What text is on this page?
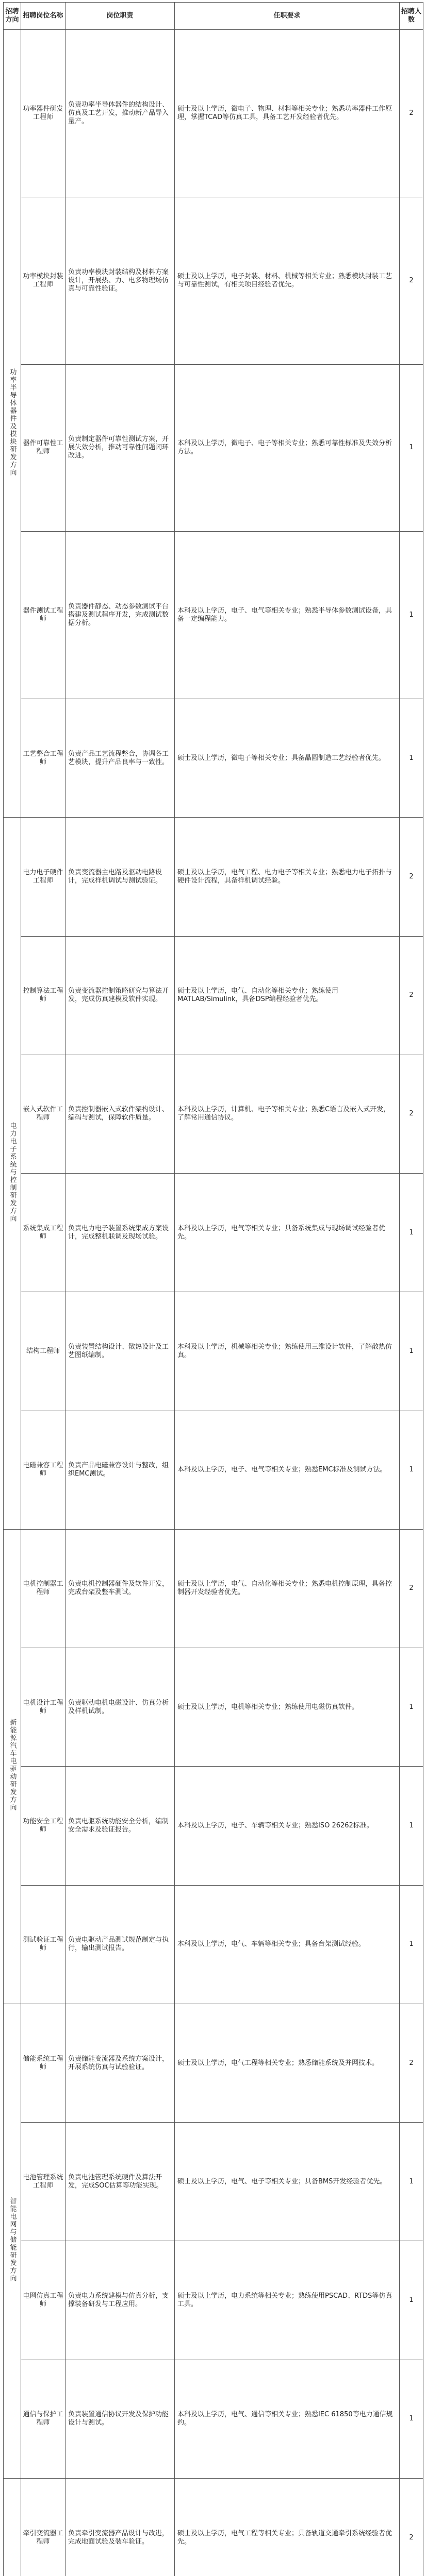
招聘方向	招聘岗位名称	岗位职责	任职要求	招聘人数
功率半导体器件及模块研发方向	功率器件研发工程师	负责功率半导体器件的结构设计、仿真及工艺开发，推动新产品导入量产。	硕士及以上学历，微电子、物理、材料等相关专业；熟悉功率器件工作原理，掌握TCAD等仿真工具，具备工艺开发经验者优先。	2
	功率模块封装工程师	负责功率模块封装结构及材料方案设计，开展热、力、电多物理场仿真与可靠性验证。	硕士及以上学历，电子封装、材料、机械等相关专业；熟悉模块封装工艺与可靠性测试，有相关项目经验者优先。	2
	器件可靠性工程师	负责制定器件可靠性测试方案，开展失效分析，推动可靠性问题闭环改进。	本科及以上学历，微电子、电子等相关专业；熟悉可靠性标准及失效分析方法。	1
	器件测试工程师	负责器件静态、动态参数测试平台搭建及测试程序开发，完成测试数据分析。	本科及以上学历，电子、电气等相关专业；熟悉半导体参数测试设备，具备一定编程能力。	1
	工艺整合工程师	负责产品工艺流程整合，协调各工艺模块，提升产品良率与一致性。	硕士及以上学历，微电子等相关专业；具备晶圆制造工艺经验者优先。	1
电力电子系统与控制研发方向	电力电子硬件工程师	负责变流器主电路及驱动电路设计，完成样机调试与测试验证。	硕士及以上学历，电气工程、电力电子等相关专业；熟悉电力电子拓扑与硬件设计流程，具备样机调试经验。	2
	控制算法工程师	负责变流器控制策略研究与算法开发，完成仿真建模及软件实现。	硕士及以上学历，电气、自动化等相关专业；熟练使用MATLAB/Simulink，具备DSP编程经验者优先。	2
	嵌入式软件工程师	负责控制器嵌入式软件架构设计、编码与测试，保障软件质量。	本科及以上学历，计算机、电子等相关专业；熟悉C语言及嵌入式开发，了解常用通信协议。	2
	系统集成工程师	负责电力电子装置系统集成方案设计，完成整机联调及现场试验。	本科及以上学历，电气等相关专业；具备系统集成与现场调试经验者优先。	1
	结构工程师	负责装置结构设计、散热设计及工艺图纸编制。	本科及以上学历，机械等相关专业；熟练使用三维设计软件，了解散热仿真。	1
	电磁兼容工程师	负责产品电磁兼容设计与整改，组织EMC测试。	本科及以上学历，电子、电气等相关专业；熟悉EMC标准及测试方法。	1
新能源汽车电驱动研发方向	电机控制器工程师	负责电机控制器硬件及软件开发，完成台架及整车测试。	硕士及以上学历，电气、自动化等相关专业；熟悉电机控制原理，具备控制器开发经验者优先。	2
	电机设计工程师	负责驱动电机电磁设计、仿真分析及样机试制。	硕士及以上学历，电机等相关专业；熟练使用电磁仿真软件。	1
	功能安全工程师	负责电驱系统功能安全分析，编制安全需求及验证报告。	本科及以上学历，电子、车辆等相关专业；熟悉ISO 26262标准。	1
	测试验证工程师	负责电驱动产品测试规范制定与执行，输出测试报告。	本科及以上学历，电气、车辆等相关专业；具备台架测试经验。	1
智能电网与储能研发方向	储能系统工程师	负责储能变流器及系统方案设计，开展系统仿真与试验验证。	硕士及以上学历，电气工程等相关专业；熟悉储能系统及并网技术。	2
	电池管理系统工程师	负责电池管理系统硬件及算法开发，完成SOC估算等功能实现。	硕士及以上学历，电气、电子等相关专业；具备BMS开发经验者优先。	1
	电网仿真工程师	负责电力系统建模与仿真分析，支撑装备研发与工程应用。	硕士及以上学历，电力系统等相关专业；熟练使用PSCAD、RTDS等仿真工具。	1
	通信与保护工程师	负责装置通信协议开发及保护功能设计与测试。	本科及以上学历，电气、通信等相关专业；熟悉IEC 61850等电力通信规约。	1
	牵引变流器工程师	负责牵引变流器产品设计与改进，完成地面试验及装车验证。	硕士及以上学历，电气工程等相关专业；具备轨道交通牵引系统经验者优先。	2
